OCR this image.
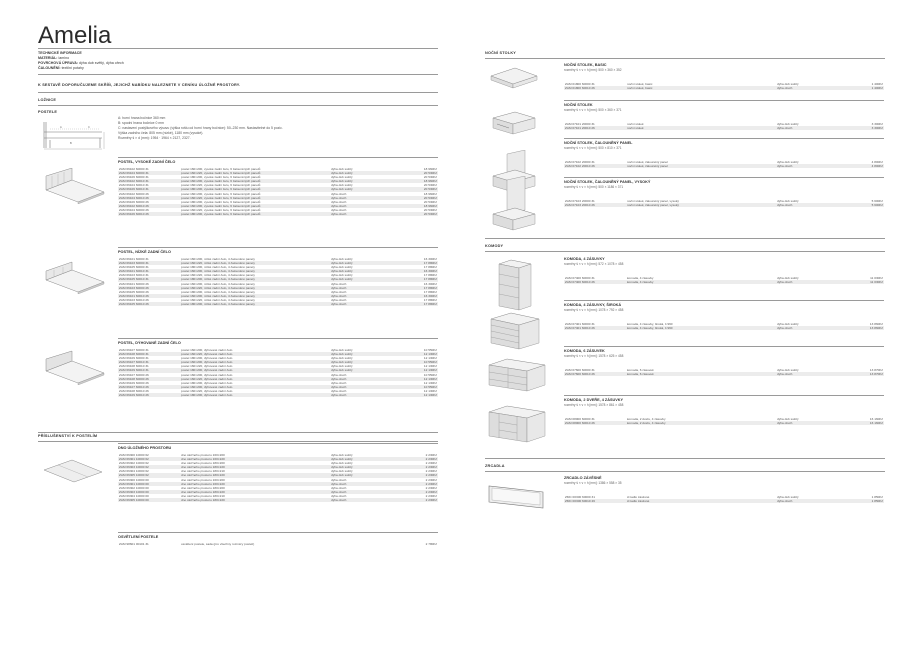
Amelia
TECHNICKÉ INFORMACE
MATERIÁL: lamino
POVRCHOVÁ ÚPRAVA: dýha dub světlý, dýha ořech
ČALOUNĚNÍ: textilní potahy
K SESTAVĚ DOPORUČUJEME SKŘÍŇ, JEJICHŽ NABÍDKU NALEZNETE V CENÍKU ÚLOŽNÉ PROSTORY.
LOŽNICE
POSTELE
A
B
C
A: horní hrana bočnice 360 mm
B: spodní hrana bočnice 0 mm
C: nastavení postýlkového výsuvu (výška roštu od horní hrany bočnice): 50–230 mm. Nastavitelné do 5 pozic.
Výška zadního čela: 805 mm (nízké), 1180 mm (vysoké).
Rozměry š × d (mm): 1954 · 1964 × 2127, 2327.
POSTEL, VYSOKÉ ZADNÍ ČELO
ZAM 66102 60000 31	postel 160×200, vysoké zadní čelo, 6 čalouněných panelů	dýha dub světlý	18 960Kč
ZAM 66104 60000 31	postel 160×220, vysoké zadní čelo, 6 čalouněných panelů	dýha dub světlý	20 530Kč
ZAM 66106 60000 31	postel 180×200, vysoké zadní čelo, 6 čalouněných panelů	dýha dub světlý	20 530Kč
ZAM 66102 60010 31	postel 160×200, vysoké zadní čelo, 6 čalouněných panelů	dýha dub světlý	18 960Kč
ZAM 66104 60010 31	postel 160×220, vysoké zadní čelo, 6 čalouněných panelů	dýha dub světlý	20 530Kč
ZAM 66106 60010 31	postel 180×200, vysoké zadní čelo, 6 čalouněných panelů	dýha dub světlý	20 530Kč
ZAM 66102 60000 26	postel 160×200, vysoké zadní čelo, 6 čalouněných panelů	dýha ořech	18 960Kč
ZAM 66104 60010 26	postel 160×220, vysoké zadní čelo, 6 čalouněných panelů	dýha ořech	20 530Kč
ZAM 66106 60000 26	postel 180×200, vysoké zadní čelo, 6 čalouněných panelů	dýha ořech	20 530Kč
ZAM 66102 60010 26	postel 160×200, vysoké zadní čelo, 6 čalouněných panelů	dýha ořech	18 960Kč
ZAM 66104 60000 26	postel 160×220, vysoké zadní čelo, 6 čalouněných panelů	dýha ořech	20 530Kč
ZAM 66106 60010 26	postel 180×200, vysoké zadní čelo, 6 čalouněných panelů	dýha ořech	20 530Kč
POSTEL, NÍZKÉ ZADNÍ ČELO
ZAM 66101 60000 31	postel 160×200, nízké zadní čelo, 4 čalouněné panely	dýha dub světlý	16 300Kč
ZAM 66103 60000 31	postel 160×220, nízké zadní čelo, 4 čalouněné panely	dýha dub světlý	17 880Kč
ZAM 66105 60000 31	postel 180×200, nízké zadní čelo, 4 čalouněné panely	dýha dub světlý	17 880Kč
ZAM 66101 60010 31	postel 160×200, nízké zadní čelo, 4 čalouněné panely	dýha dub světlý	16 300Kč
ZAM 66103 60010 31	postel 160×220, nízké zadní čelo, 4 čalouněné panely	dýha dub světlý	17 880Kč
ZAM 66105 60010 31	postel 180×200, nízké zadní čelo, 4 čalouněné panely	dýha dub světlý	17 880Kč
ZAM 66101 60000 26	postel 160×200, nízké zadní čelo, 4 čalouněné panely	dýha ořech	16 300Kč
ZAM 66103 60000 26	postel 160×220, nízké zadní čelo, 4 čalouněné panely	dýha ořech	17 880Kč
ZAM 66105 60000 26	postel 180×200, nízké zadní čelo, 4 čalouněné panely	dýha ořech	17 880Kč
ZAM 66101 60010 26	postel 160×200, nízké zadní čelo, 4 čalouněné panely	dýha ořech	16 300Kč
ZAM 66103 60010 26	postel 160×220, nízké zadní čelo, 4 čalouněné panely	dýha ořech	17 880Kč
ZAM 66105 60010 26	postel 180×200, nízké zadní čelo, 4 čalouněné panely	dýha ořech	17 880Kč
POSTEL, DÝHOVANÉ ZADNÍ ČELO
ZAM 66107 60000 31	postel 160×200, dýhované zadní čelo	dýha dub světlý	10 550Kč
ZAM 66108 60000 31	postel 160×220, dýhované zadní čelo	dýha dub světlý	12 130Kč
ZAM 66109 60000 31	postel 180×200, dýhované zadní čelo	dýha dub světlý	12 130Kč
ZAM 66107 60010 31	postel 160×200, dýhované zadní čelo	dýha dub světlý	10 550Kč
ZAM 66108 60010 31	postel 160×220, dýhované zadní čelo	dýha dub světlý	12 130Kč
ZAM 66109 60010 31	postel 180×200, dýhované zadní čelo	dýha dub světlý	12 130Kč
ZAM 66107 60000 26	postel 160×200, dýhované zadní čelo	dýha ořech	10 550Kč
ZAM 66108 60000 26	postel 160×220, dýhované zadní čelo	dýha ořech	12 130Kč
ZAM 66109 60000 26	postel 180×200, dýhované zadní čelo	dýha ořech	12 130Kč
ZAM 66107 60010 26	postel 160×200, dýhované zadní čelo	dýha ořech	10 550Kč
ZAM 66108 60010 26	postel 160×220, dýhované zadní čelo	dýha ořech	12 130Kč
ZAM 66109 60010 26	postel 180×200, dýhované zadní čelo	dýha ořech	12 130Kč
DNO ÚLOŽNÉHO PROSTORU
ZAM 66300 10000 62	dno úložného prostoru 160×200	dýha dub světlý	2 230Kč
ZAM 66301 10000 62	dno úložného prostoru 160×220	dýha dub světlý	2 230Kč
ZAM 66302 10000 62	dno úložného prostoru 180×200	dýha dub světlý	2 230Kč
ZAM 66303 10000 62	dno úložného prostoru 180×220	dýha dub světlý	2 230Kč
ZAM 66304 10000 62	dno úložného prostoru 180×210	dýha dub světlý	2 230Kč
ZAM 66305 10000 62	dno úložného prostoru 180×220	dýha dub světlý	2 230Kč
ZAM 66300 10000 00	dno úložného prostoru 160×200	dýha ořech	2 230Kč
ZAM 66301 10000 00	dno úložného prostoru 160×220	dýha ořech	2 230Kč
ZAM 66302 10000 00	dno úložného prostoru 180×200	dýha ořech	2 230Kč
ZAM 66303 10000 00	dno úložného prostoru 180×220	dýha ořech	2 230Kč
ZAM 66304 10000 00	dno úložného prostoru 180×210	dýha ořech	2 230Kč
ZAM 66305 10000 00	dno úložného prostoru 180×220	dýha ořech	2 230Kč
OSVĚTLENÍ POSTELE
ZAM 98601 00101 31	osvětlení postele, sada (pro všechny rozměry postelí)		2 780Kč
PŘÍSLUŠENSTVÍ K POSTELÍM
NOČNÍ STOLKY
KOMODY
ZRCADLA
NOČNÍ STOLEK, BASIC
rozměry š × v × h [mm]: 500 × 360 × 352
ZAM 01800 60000 31	noční stolek, basic	dýha dub světlý	1 400Kč
ZAM 01800 60010 26	noční stolek, basic	dýha ořech	1 400Kč
NOČNÍ STOLEK
rozměry š × v × h [mm]: 500 × 360 × 371
ZAM 07101 20000 31	noční stolek	dýha dub světlý	3 300Kč
ZAM 07101 20010 26	noční stolek	dýha ořech	3 300Kč
NOČNÍ STOLEK, ČALOUNĚNÝ PANEL
rozměry š × v × h [mm]: 500 × 810 × 371
ZAM 07102 20000 31	noční stolek, čalouněný panel	dýha dub světlý	4 800Kč
ZAM 07102 20010 26	noční stolek, čalouněný panel	dýha ořech	4 800Kč
NOČNÍ STOLEK, ČALOUNĚNÝ PANEL, VYSOKÝ
rozměry š × v × h [mm]: 500 × 1186 × 371
ZAM 07103 20000 31	noční stolek, čalouněný panel, vysoký	dýha dub světlý	5 600Kč
ZAM 07103 20010 26	noční stolek, čalouněný panel, vysoký	dýha ořech	5 600Kč
KOMODA, 4 ZÁSUVKY
rozměry š × v × h [mm]: 572 × 1078 × 458
ZAM 07400 60000 31	komoda, 4 zásuvky	dýha dub světlý	11 030Kč
ZAM 07400 60010 26	komoda, 4 zásuvky	dýha ořech	11 030Kč
KOMODA, 4 ZÁSUVKY, ŠIROKÁ
rozměry š × v × h [mm]: 1078 × 792 × 458
ZAM 07401 60000 31	komoda, 4 zásuvky, široká, š 960	dýha dub světlý	13 860Kč
ZAM 07401 60010 26	komoda, 4 zásuvky, široká, š 960	dýha ořech	13 860Kč
KOMODA, 6 ZÁSUVEK
rozměry š × v × h [mm]: 1578 × 625 × 458
ZAM 07600 60000 31	komoda, 6 zásuvek	dýha dub světlý	13 870Kč
ZAM 07600 60010 26	komoda, 6 zásuvek	dýha ořech	13 870Kč
KOMODA, 2 DVEŘE, 4 ZÁSUVKY
rozměry š × v × h [mm]: 1578 × 861 × 458
ZAM 08000 60000 31	komoda, 2 dveře, 4 zásuvky	dýha dub světlý	16 160Kč
ZAM 08000 60010 26	komoda, 2 dveře, 4 zásuvky	dýha ořech	16 160Kč
ZRCADLO ZÁVĚSNÉ
rozměry š × v × h [mm]: 1386 × 558 × 35
ZMC 00300 60000 31	zrcadlo závěsné	dýha dub světlý	1 850Kč
ZMC 00300 60010 26	zrcadlo závěsné	dýha ořech	1 850Kč
